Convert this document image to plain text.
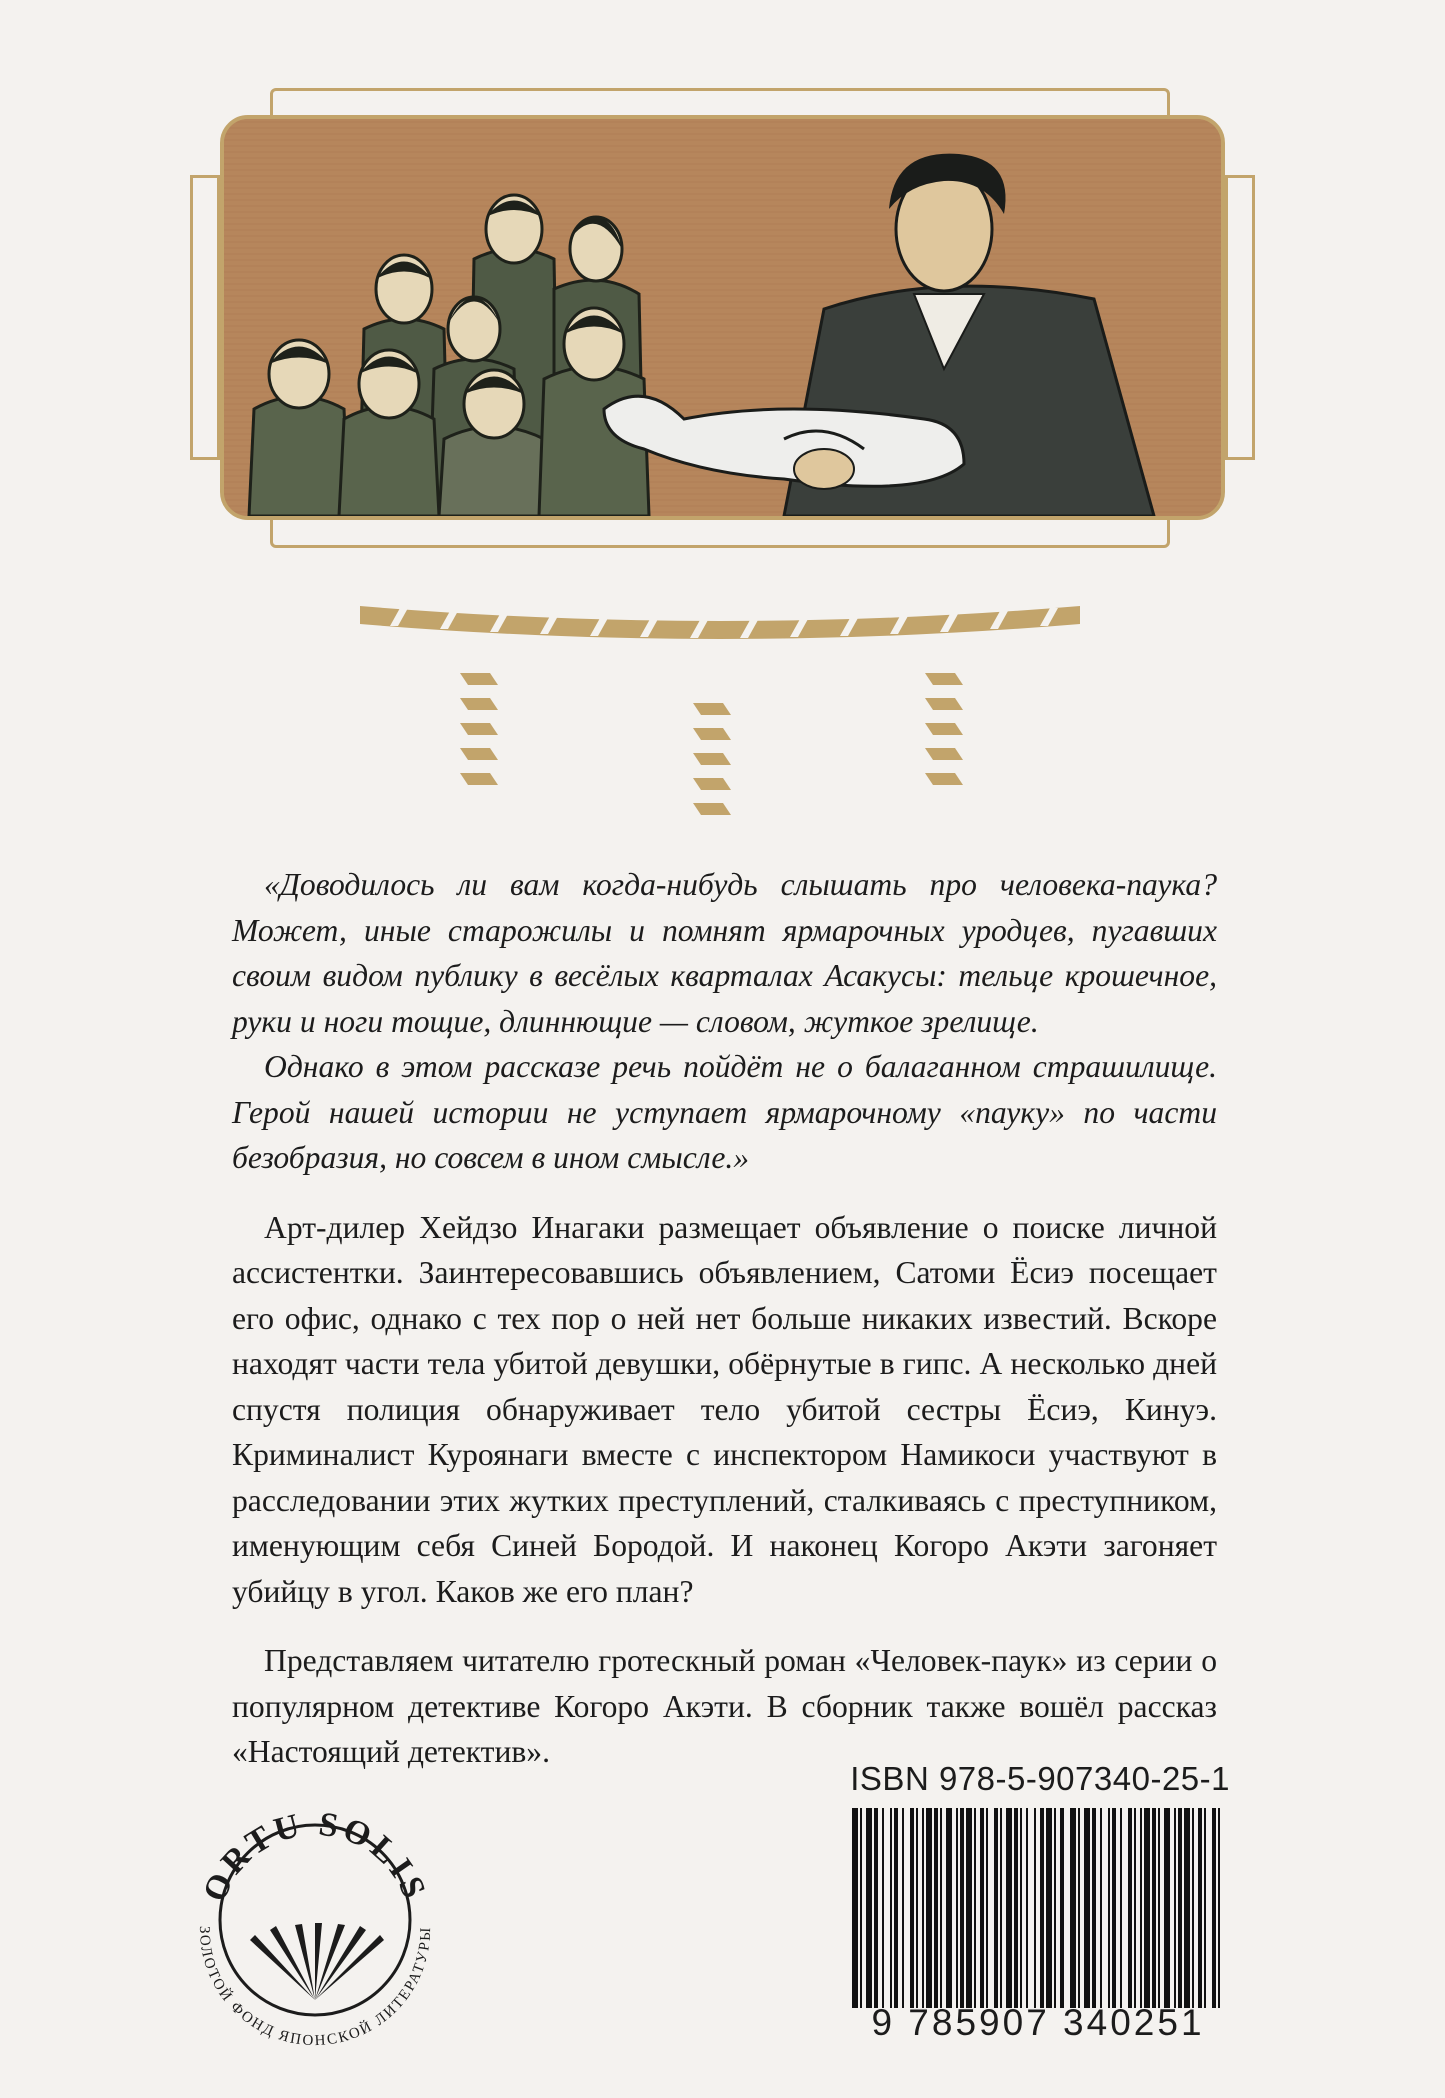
«Доводилось ли вам когда-нибудь слышать про человека-паука? Может, иные старожилы и помнят ярмарочных уродцев, пугавших своим видом публику в весёлых кварталах Асакусы: тельце крошечное, руки и ноги тощие, длиннющие — словом, жуткое зрелище.

Однако в этом рассказе речь пойдёт не о балаганном страшилище. Герой нашей истории не уступает ярмарочному «пауку» по части безобразия, но совсем в ином смысле.»

Арт-дилер Хейдзо Инагаки размещает объявление о поиске личной ассистентки. Заинтересовавшись объявлением, Сатоми Ёсиэ посещает его офис, однако с тех пор о ней нет больше никаких известий. Вскоре находят части тела убитой девушки, обёрнутые в гипс. А несколько дней спустя полиция обнаруживает тело убитой сестры Ёсиэ, Кинуэ. Криминалист Куроянаги вместе с инспектором Намикоси участвуют в расследовании этих жутких преступлений, сталкиваясь с преступником, именующим себя Синей Бородой. И наконец Когоро Акэти загоняет убийцу в угол. Каков же его план?

Представляем читателю гротескный роман «Человек-паук» из серии о популярном детективе Когоро Акэти. В сборник также вошёл рассказ «Настоящий детектив».

ORTU SOLIS
ЗОЛОТОЙ ФОНД ЯПОНСКОЙ ЛИТЕРАТУРЫ
ISBN 978-5-907340-25-1
9 785907 340251
